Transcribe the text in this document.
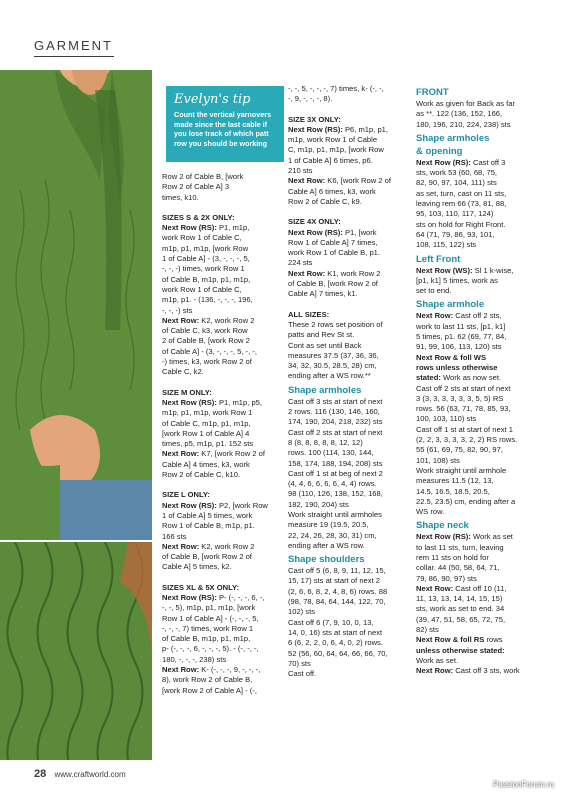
GARMENT
Evelyn's tip
Count the vertical yarnovers made since the last cable if you lose track of which patt row you should be working

Row 2 of Cable B, [work

Row 2 of Cable A] 3

times, k10.

SIZES S & 2X ONLY:

Next Row (RS): P1, m1p,

work Row 1 of Cable C,

m1p, p1, m1p, [work Row

1 of Cable A] - (3, -, -, -, 5,

-, -, -) times, work Row 1

of Cable B, m1p, p1, m1p,

work Row 1 of Cable C,

m1p, p1. - (136, -, -, -, 196,

-, -, -) sts

Next Row: K2, work Row 2

of Cable C, k3, work Row

2 of Cable B, [work Row 2

of Cable A] - (3, -, -, -, 5, -, -,

-) times, k3, work Row 2 of

Cable C, k2.

SIZE M ONLY:

Next Row (RS): P1, m1p, p5,

m1p, p1, m1p, work Row 1

of Cable C, m1p, p1, m1p,

[work Row 1 of Cable A] 4

times, p5, m1p, p1. 152 sts

Next Row: K7, [work Row 2 of

Cable A] 4 times, k3, work

Row 2 of Cable C, k10.

SIZE L ONLY:

Next Row (RS): P2, [work Row

1 of Cable A] 5 times, work

Row 1 of Cable B, m1p, p1.

166 sts

Next Row: K2, work Row 2

of Cable B, [work Row 2 of

Cable A] 5 times, k2.

SIZES XL & 5X ONLY:

Next Row (RS): P- (-, -, -, 6, -,

-, -, 5), m1p, p1, m1p, [work

Row 1 of Cable A] - (-, -, -, 5,

-, -, -, 7) times, work Row 1

of Cable B, m1p, p1, m1p,

p- (-, -, -, 6, -, -, -, 5). - (-, -, -,

180, -, -, -, 238) sts

Next Row: K- (-, -, -, 9, -, -, -,

8), work Row 2 of Cable B,

[work Row 2 of Cable A] - (-,

-, -, 5, -, -, -, 7) times, k- (-, -,

-, 9, -, -, -, 8).

SIZE 3X ONLY:

Next Row (RS): P6, m1p, p1,

m1p, work Row 1 of Cable

C, m1p, p1, m1p, [work Row

1 of Cable A] 6 times, p6.

210 sts

Next Row: K6, [work Row 2 of

Cable A] 6 times, k3, work

Row 2 of Cable C, k9.

SIZE 4X ONLY:

Next Row (RS): P1, [work

Row 1 of Cable A] 7 times,

work Row 1 of Cable B, p1.

224 sts

Next Row: K1, work Row 2

of Cable B, [work Row 2 of

Cable A] 7 times, k1.

ALL SIZES:

These 2 rows set position of

patts and Rev St st.

Cont as set until Back

measures 37.5 (37, 36, 36,

34, 32, 30.5, 28.5, 28) cm,

ending after a WS row.**

Shape armholes

Cast off 3 sts at start of next

2 rows. 116 (130, 146, 160,

174, 190, 204, 218, 232) sts

Cast off 2 sts at start of next

8 (8, 8, 8, 8, 8, 12, 12)

rows. 100 (114, 130, 144,

158, 174, 188, 194, 208) sts

Cast off 1 st at beg of next 2

(4, 4, 6, 6, 6, 6, 4, 4) rows.

98 (110, 126, 138, 152, 168,

182, 190, 204) sts

Work straight until armholes

measure 19 (19.5, 20.5,

22, 24, 26, 28, 30, 31) cm,

ending after a WS row.

Shape shoulders

Cast off 5 (6, 8, 9, 11, 12, 15,

15, 17) sts at start of next 2

(2, 6, 6, 8, 2, 4, 8, 6) rows. 88

(98, 78, 84, 64, 144, 122, 70,

102) sts

Cast off 6 (7, 9, 10, 0, 13,

14, 0, 16) sts at start of next

6 (6, 2, 2, 0, 6, 4, 0, 2) rows.

52 (56, 60, 64, 64, 66, 66, 70,

70) sts

Cast off.

FRONT

Work as given for Back as far

as **. 122 (136, 152, 166,

180, 196, 210, 224, 238) sts

Shape armholes

& opening

Next Row (RS): Cast off 3

sts, work 53 (60, 68, 75,

82, 90, 97, 104, 111) sts

as set, turn, cast on 11 sts,

leaving rem 66 (73, 81, 88,

95, 103, 110, 117, 124)

sts on hold for Right Front.

64 (71, 79, 86, 93, 101,

108, 115, 122) sts

Left Front

Next Row (WS): Sl 1 k-wise,

[p1, k1] 5 times, work as

set to end.

Shape armhole

Next Row: Cast off 2 sts,

work to last 11 sts, [p1, k1]

5 times, p1. 62 (69, 77, 84,

91, 99, 106, 113, 120) sts

Next Row & foll WS

rows unless otherwise

stated: Work as now set.

Cast off 2 sts at start of next

3 (3, 3, 3, 3, 3, 3, 5, 5) RS

rows. 56 (63, 71, 78, 85, 93,

100, 103, 110) sts

Cast off 1 st at start of next 1

(2, 2, 3, 3, 3, 3, 2, 2) RS rows.

55 (61, 69, 75, 82, 90, 97,

101, 108) sts

Work straight until armhole

measures 11.5 (12, 13,

14.5, 16.5, 18.5, 20.5,

22.5, 23.5) cm, ending after a

WS row.

Shape neck

Next Row (RS): Work as set

to last 11 sts, turn, leaving

rem 11 sts on hold for

collar. 44 (50, 58, 64, 71,

79, 86, 90, 97) sts

Next Row: Cast off 10 (11,

11, 13, 13, 14, 14, 15, 15)

sts, work as set to end. 34

(39, 47, 51, 58, 65, 72, 75,

82) sts

Next Row & foll RS rows

unless otherwise stated:

Work as set.

Next Row: Cast off 3 sts, work

28 www.craftworld.com
PassionForum.ru
